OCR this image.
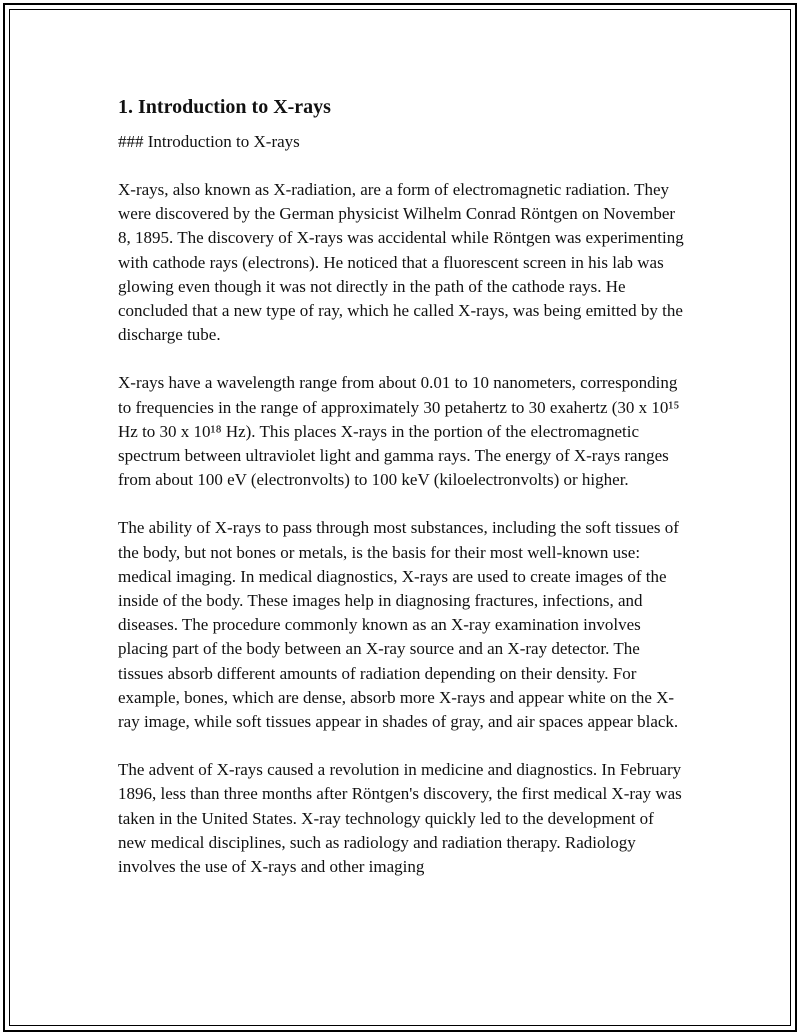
1. Introduction to X-rays

### Introduction to X-rays

X-rays, also known as X-radiation, are a form of electromagnetic radiation. They were discovered by the German physicist Wilhelm Conrad Röntgen on November 8, 1895. The discovery of X-rays was accidental while Röntgen was experimenting with cathode rays (electrons). He noticed that a fluorescent screen in his lab was glowing even though it was not directly in the path of the cathode rays. He concluded that a new type of ray, which he called X-rays, was being emitted by the discharge tube.

X-rays have a wavelength range from about 0.01 to 10 nanometers, corresponding to frequencies in the range of approximately 30 petahertz to 30 exahertz (30 x 10¹⁵ Hz to 30 x 10¹⁸ Hz). This places X-rays in the portion of the electromagnetic spectrum between ultraviolet light and gamma rays. The energy of X-rays ranges from about 100 eV (electronvolts) to 100 keV (kiloelectronvolts) or higher.

The ability of X-rays to pass through most substances, including the soft tissues of the body, but not bones or metals, is the basis for their most well-known use: medical imaging. In medical diagnostics, X-rays are used to create images of the inside of the body. These images help in diagnosing fractures, infections, and diseases. The procedure commonly known as an X-ray examination involves placing part of the body between an X-ray source and an X-ray detector. The tissues absorb different amounts of radiation depending on their density. For example, bones, which are dense, absorb more X-rays and appear white on the X-ray image, while soft tissues appear in shades of gray, and air spaces appear black.

The advent of X-rays caused a revolution in medicine and diagnostics. In February 1896, less than three months after Röntgen's discovery, the first medical X-ray was taken in the United States. X-ray technology quickly led to the development of new medical disciplines, such as radiology and radiation therapy. Radiology involves the use of X-rays and other imaging
